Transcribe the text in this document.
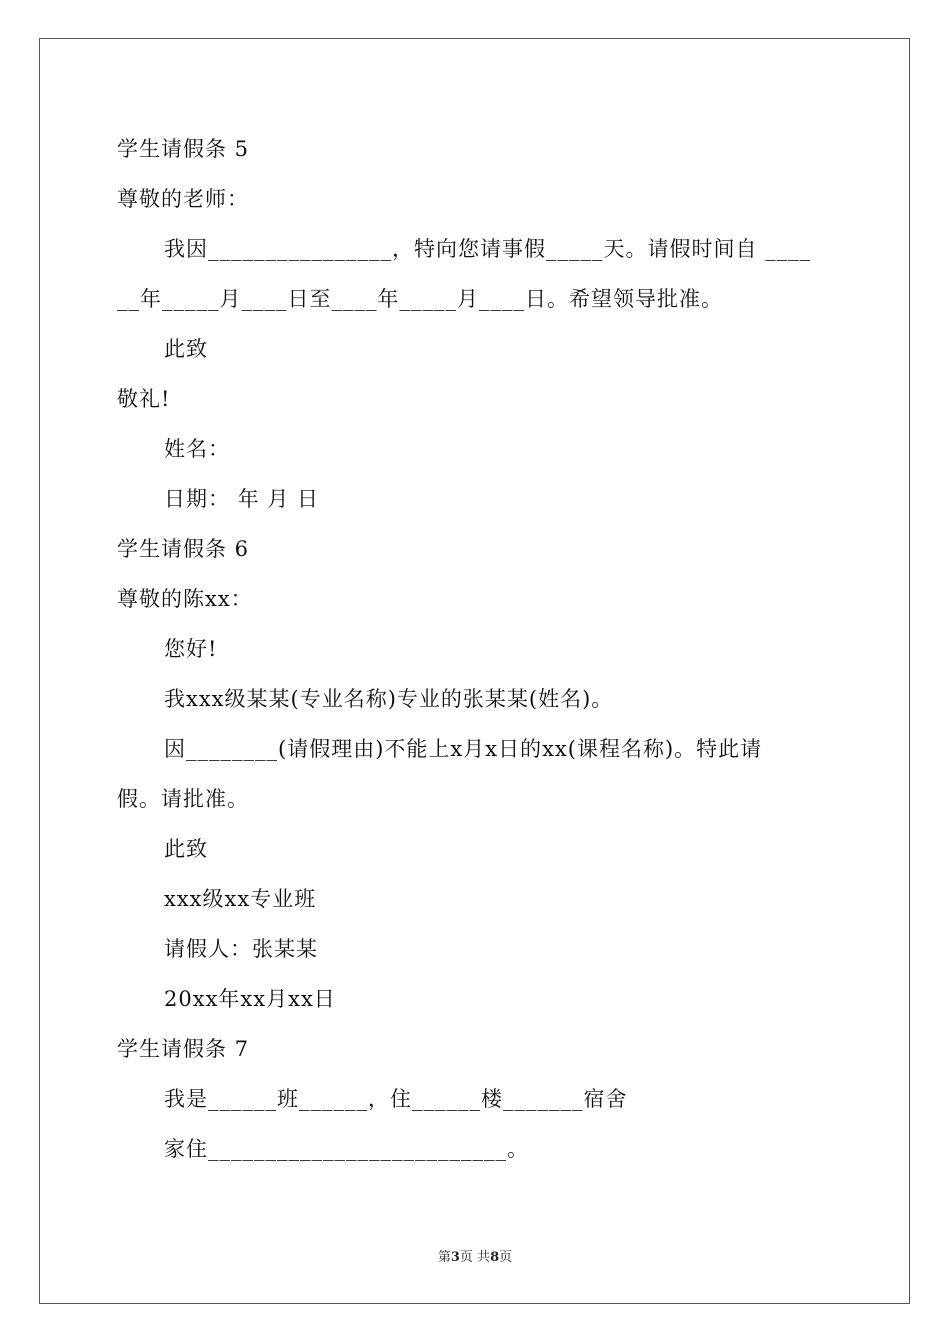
学生请假条 5
尊敬的老师：
我因________________，特向您请事假_____天。请假时间自 ____
__年_____月____日至____年_____月____日。希望领导批准。
此致
敬礼!
姓名：
日期： 年 月 日
学生请假条 6
尊敬的陈xx：
您好!
我xxx级某某(专业名称)专业的张某某(姓名)。
因________(请假理由)不能上x月x日的xx(课程名称)。特此请
假。请批准。
此致
xxx级xx专业班
请假人：张某某
20xx年xx月xx日
学生请假条 7
我是______班______，住______楼_______宿舍
家住__________________________。
第3页 共8页
